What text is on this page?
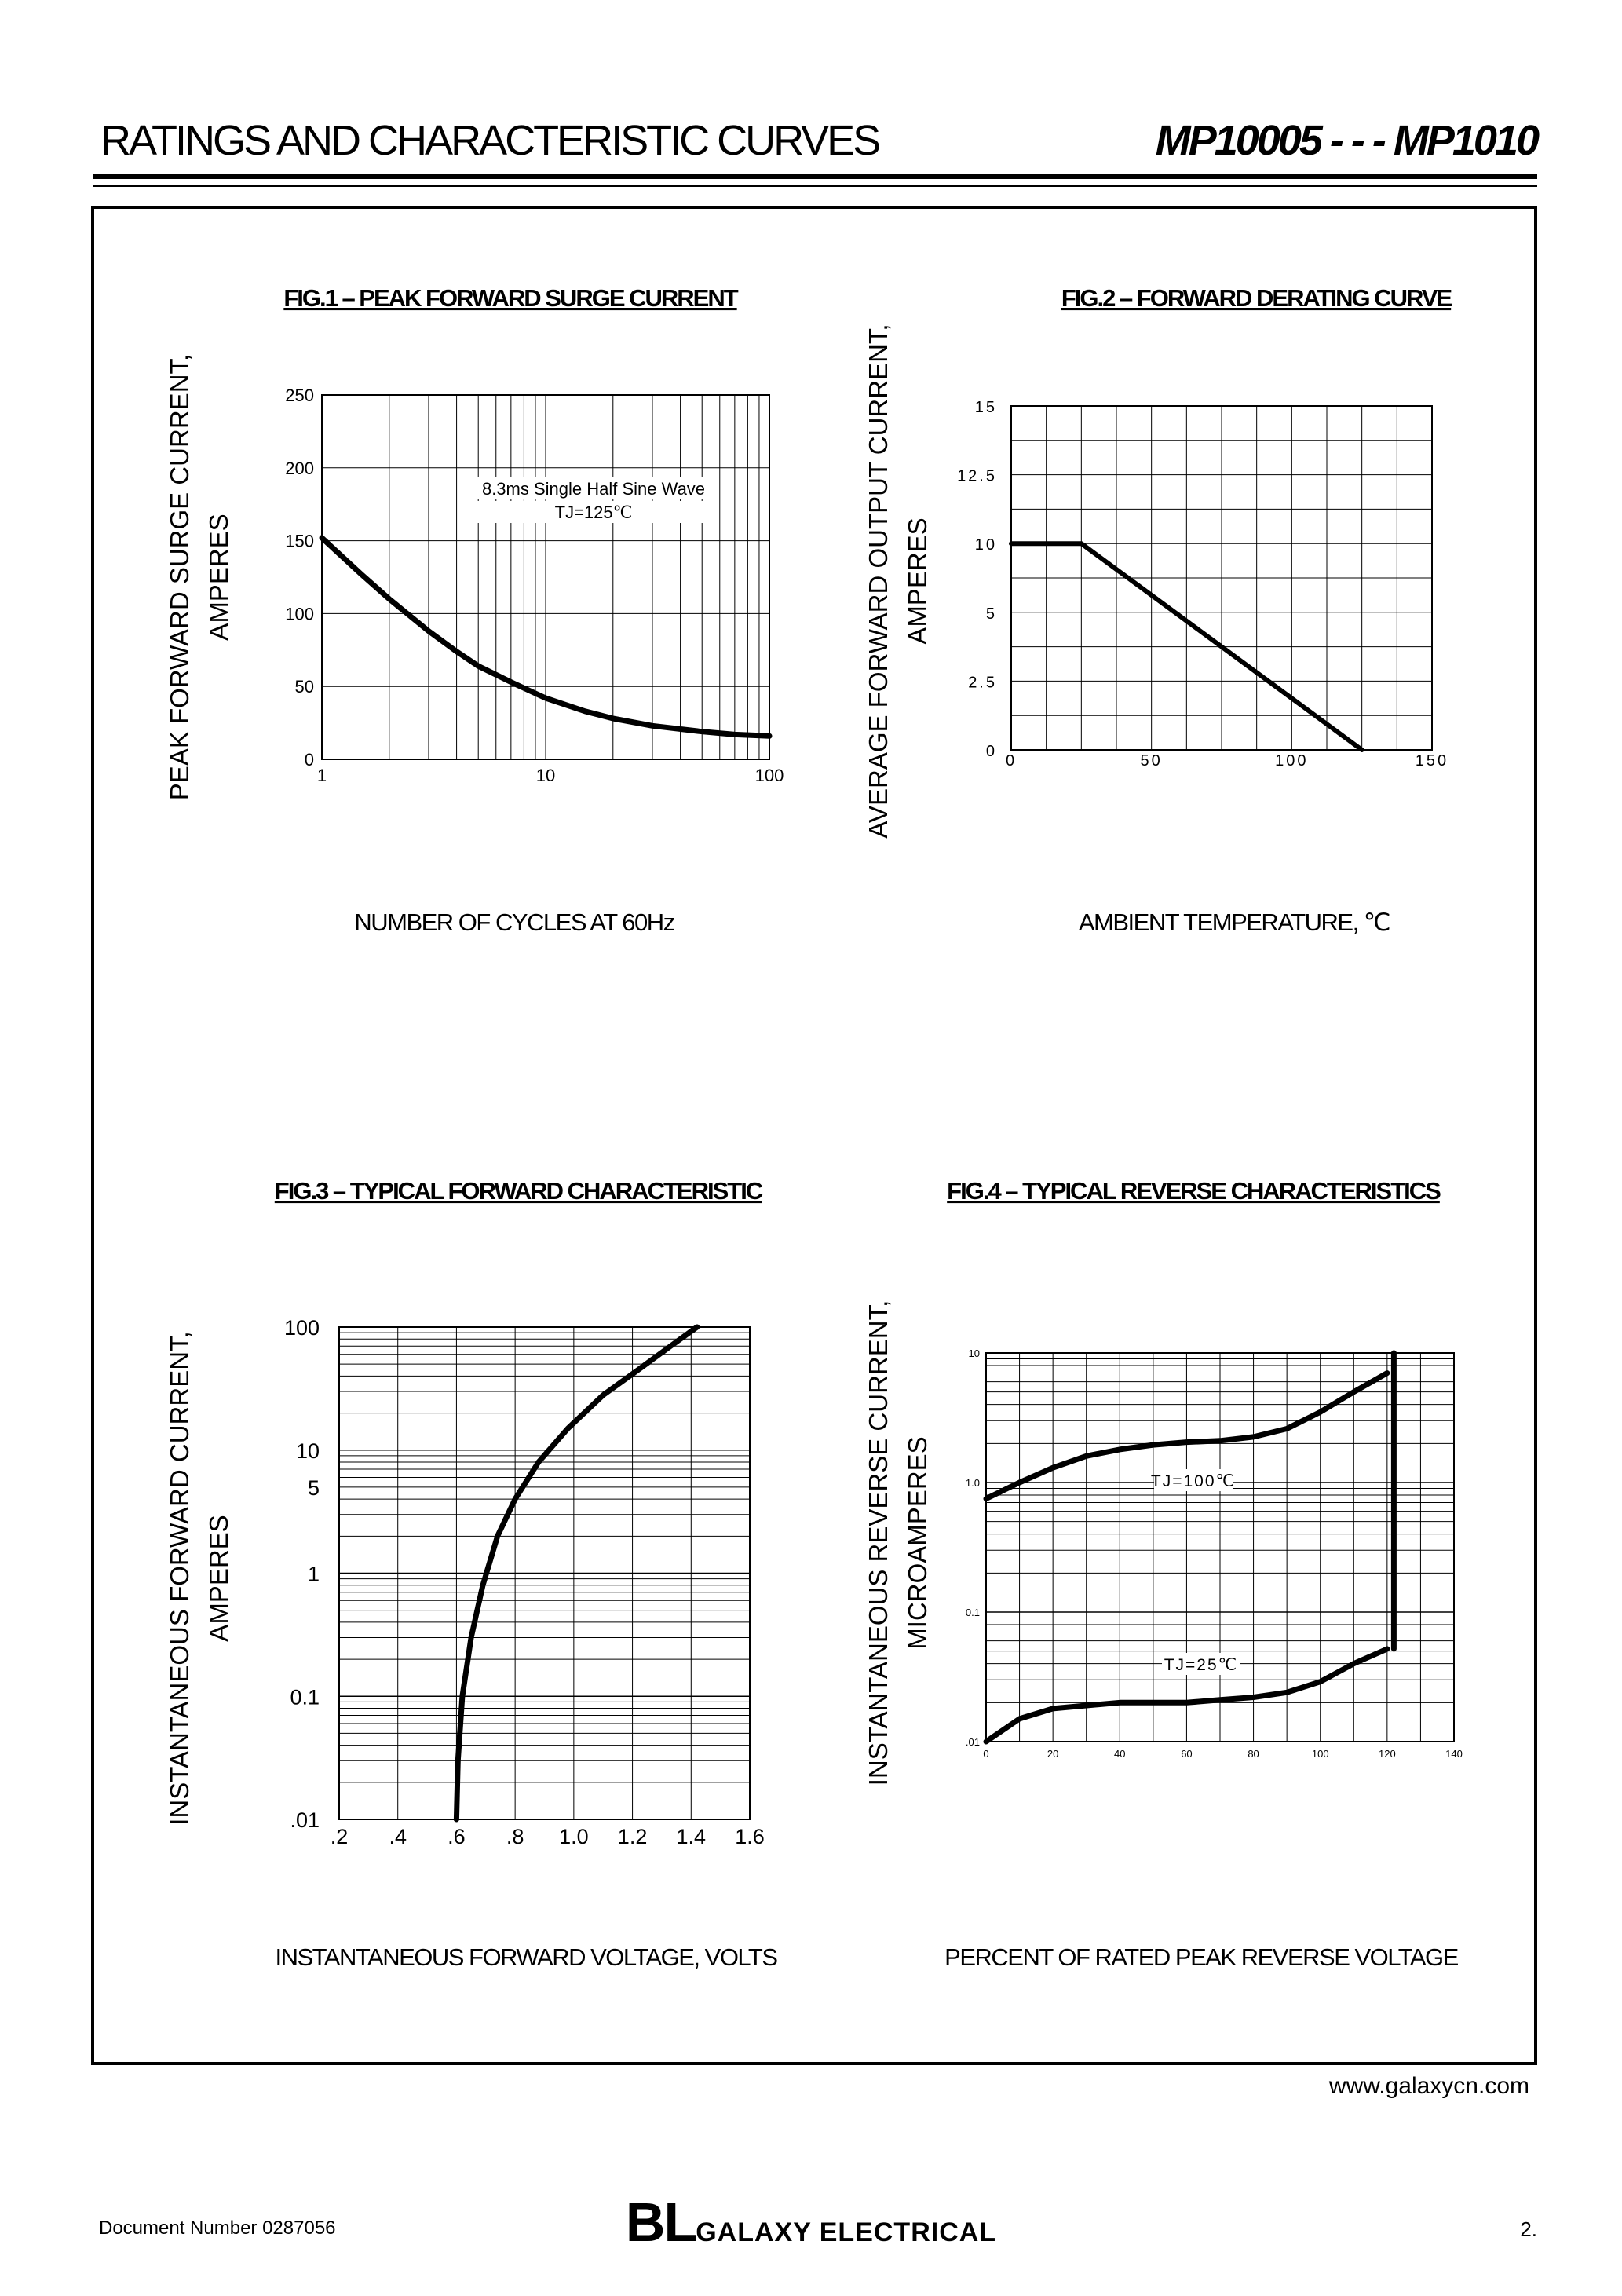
RATINGS AND CHARACTERISTIC CURVES	MP10005 - - - MP1010
FIG.1 – PEAK FORWARD SURGE CURRENT
PEAK FORWARD SURGE CURRENT, AMPERES
NUMBER OF CYCLES AT 60Hz
0
50
100
150
200
250
1	10	100
8.3ms Single Half Sine Wave
TJ=125℃
FIG.2 – FORWARD DERATING CURVE
AVERAGE FORWARD OUTPUT CURRENT, AMPERES
AMBIENT TEMPERATURE, ℃
0
2.5
5
10
12.5
15
0	50	100	150
FIG.3 – TYPICAL FORWARD CHARACTERISTIC
INSTANTANEOUS FORWARD CURRENT, AMPERES
INSTANTANEOUS FORWARD VOLTAGE, VOLTS
.01
0.1
1
5
10
100
.2 .4 .6 .8 1.0 1.2 1.4 1.6
FIG.4 – TYPICAL REVERSE CHARACTERISTICS
INSTANTANEOUS REVERSE CURRENT, MICROAMPERES
PERCENT OF RATED PEAK REVERSE VOLTAGE
.01
0.1
1.0
10
0	20	40	60	80	100	120	140
TJ=100℃
TJ=25℃
www.galaxycn.com
Document Number 0287056	BLGALAXY ELECTRICAL	2.
